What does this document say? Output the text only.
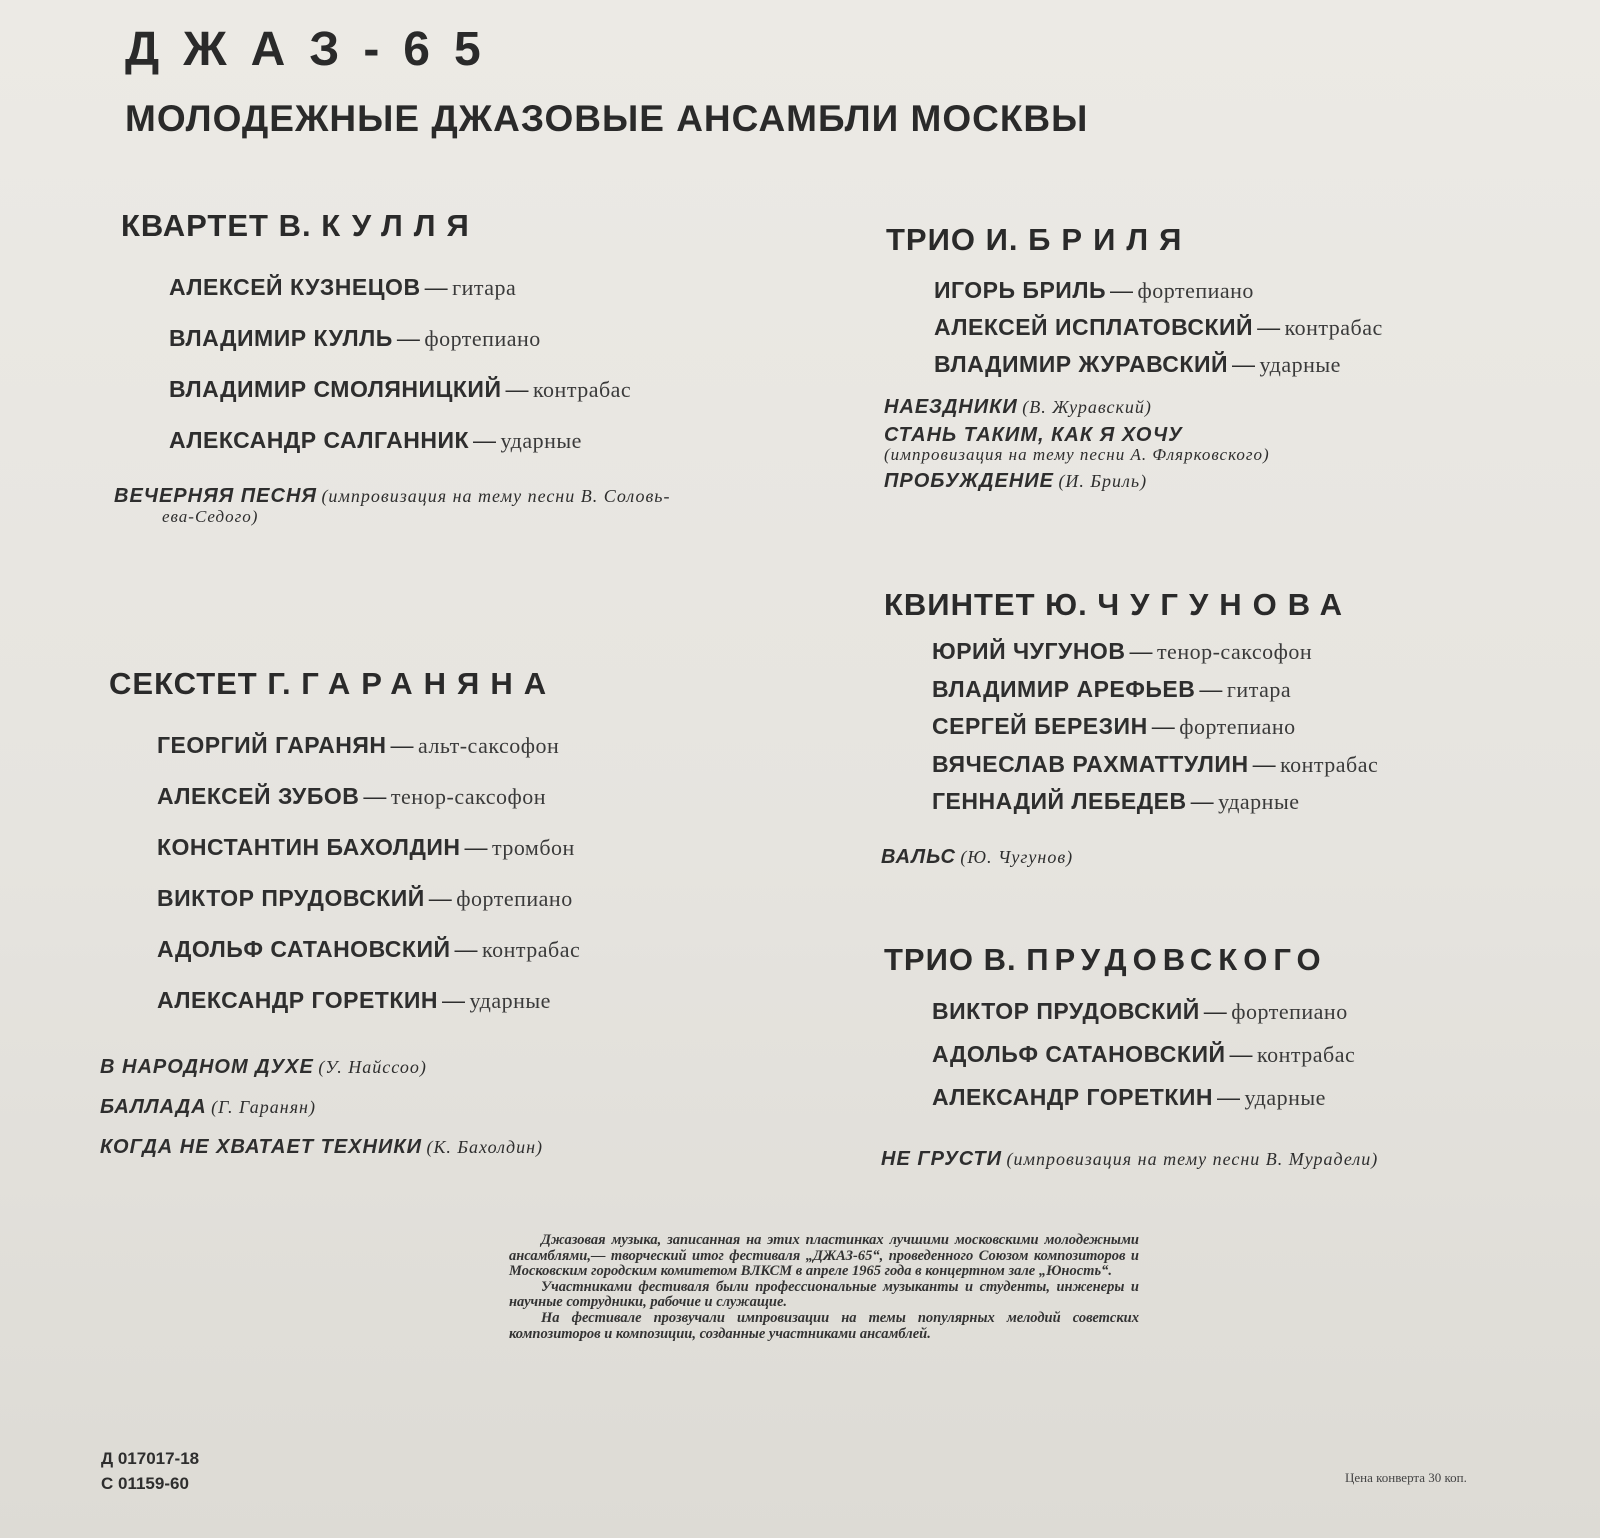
ДЖАЗ-65
МОЛОДЕЖНЫЕ ДЖАЗОВЫЕ АНСАМБЛИ МОСКВЫ
КВАРТЕТ В. КУЛЛЯ
АЛЕКСЕЙ КУЗНЕЦОВ — гитара
ВЛАДИМИР КУЛЛЬ — фортепиано
ВЛАДИМИР СМОЛЯНИЦКИЙ — контрабас
АЛЕКСАНДР САЛГАННИК — ударные
ВЕЧЕРНЯЯ ПЕСНЯ (импровизация на тему песни В. Соловь-
ева-Седого)
СЕКСТЕТ Г. ГАРАНЯНА
ГЕОРГИЙ ГАРАНЯН — альт-саксофон
АЛЕКСЕЙ ЗУБОВ — тенор-саксофон
КОНСТАНТИН БАХОЛДИН — тромбон
ВИКТОР ПРУДОВСКИЙ — фортепиано
АДОЛЬФ САТАНОВСКИЙ — контрабас
АЛЕКСАНДР ГОРЕТКИН — ударные
В НАРОДНОМ ДУХЕ (У. Найссоо)
БАЛЛАДА (Г. Гаранян)
КОГДА НЕ ХВАТАЕТ ТЕХНИКИ (К. Бахолдин)
ТРИО И. БРИЛЯ
ИГОРЬ БРИЛЬ — фортепиано
АЛЕКСЕЙ ИСПЛАТОВСКИЙ — контрабас
ВЛАДИМИР ЖУРАВСКИЙ — ударные
НАЕЗДНИКИ (В. Журавский)
СТАНЬ ТАКИМ, КАК Я ХОЧУ
(импровизация на тему песни А. Флярковского)
ПРОБУЖДЕНИЕ (И. Бриль)
КВИНТЕТ Ю. ЧУГУНОВА
ЮРИЙ ЧУГУНОВ — тенор-саксофон
ВЛАДИМИР АРЕФЬЕВ — гитара
СЕРГЕЙ БЕРЕЗИН — фортепиано
ВЯЧЕСЛАВ РАХМАТТУЛИН — контрабас
ГЕННАДИЙ ЛЕБЕДЕВ — ударные
ВАЛЬС (Ю. Чугунов)
ТРИО В. ПРУДОВСКОГО
ВИКТОР ПРУДОВСКИЙ — фортепиано
АДОЛЬФ САТАНОВСКИЙ — контрабас
АЛЕКСАНДР ГОРЕТКИН — ударные
НЕ ГРУСТИ (импровизация на тему песни В. Мурадели)

Джазовая музыка, записанная на этих пластинках лучшими московскими молодежными ансамблями,— творческий итог фестиваля „ДЖАЗ-65“, проведенного Союзом композиторов и Московским городским комитетом ВЛКСМ в апреле 1965 года в концертном зале „Юность“.

Участниками фестиваля были профессиональные музыканты и студенты, инженеры и научные сотрудники, рабочие и служащие.

На фестивале прозвучали импровизации на темы популярных мелодий советских композиторов и композиции, созданные участниками ансамблей.

Д 017017-18
С 01159-60	Цена конверта 30 коп.
